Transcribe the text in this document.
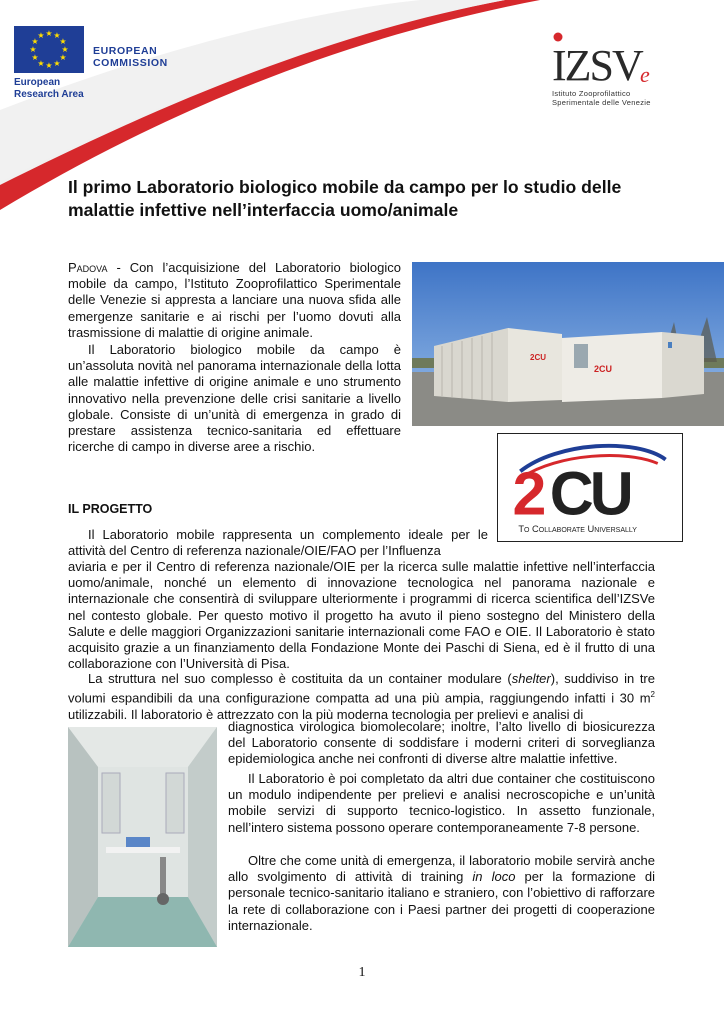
★ ★
★
★
★
★
★
★
★
★
★
★
EUROPEAN
COMMISSION
European
Research Area
IZSV
e
Istituto Zooprofilattico
Sperimentale delle Venezie
Il primo Laboratorio biologico mobile da campo per lo studio delle malattie infettive nell’interfaccia uomo/animale

Padova - Con l’acquisizione del Laboratorio biologico mobile da campo, l’Istituto Zooprofilattico Sperimentale delle Venezie si appresta a lanciare una nuova sfida alle emergenze sanitarie e ai rischi per l’uomo dovuti alla trasmissione di malattie di origine animale.

Il Laboratorio biologico mobile da campo è un’assoluta novità nel panorama internazionale della lotta alle malattie infettive di origine animale e uno strumento innovativo nella prevenzione delle crisi sanitarie a livello globale. Consiste di un’unità di emergenza in grado di prestare assistenza tecnico-sanitaria ed effettuare ricerche di campo in diverse aree a rischio.

2CU
2CU
2 CU
To Collaborate Universally
IL PROGETTO

Il Laboratorio mobile rappresenta un complemento ideale per le attività del Centro di referenza nazionale/OIE/FAO per l’Influenza

aviaria e per il Centro di referenza nazionale/OIE per la ricerca sulle malattie infettive nell’interfaccia uomo/animale, nonché un elemento di innovazione tecnologica nel panorama nazionale e internazionale che consentirà di sviluppare ulteriormente i programmi di ricerca scientifica dell’IZSVe nel contesto globale. Per questo motivo il progetto ha avuto il pieno sostegno del Ministero della Salute e delle maggiori Organizzazioni sanitarie internazionali come FAO e OIE. Il Laboratorio è stato acquisito grazie a un finanziamento della Fondazione Monte dei Paschi di Siena, ed è il frutto di una collaborazione con l’Università di Pisa.

La struttura nel suo complesso è costituita da un container modulare (shelter), suddiviso in tre volumi espandibili da una configurazione compatta ad una più ampia, raggiungendo infatti i 30 $m^2$ utilizzabili. Il laboratorio è attrezzato con la più moderna tecnologia per prelievi e analisi di

diagnostica virologica biomolecolare; inoltre, l’alto livello di biosicurezza del Laboratorio consente di soddisfare i moderni criteri di sorveglianza epidemiologica anche nei confronti di diverse altre malattie infettive.

Il Laboratorio è poi completato da altri due container che costituiscono un modulo indipendente per prelievi e analisi necroscopiche e un’unità mobile servizi di supporto tecnico-logistico. In assetto funzionale, nell’intero sistema possono operare contemporaneamente 7-8 persone.

Oltre che come unità di emergenza, il laboratorio mobile servirà anche allo svolgimento di attività di training in loco per la formazione di personale tecnico-sanitario italiano e straniero, con l’obiettivo di rafforzare la rete di collaborazione con i Paesi partner dei progetti di cooperazione internazionale.

1
